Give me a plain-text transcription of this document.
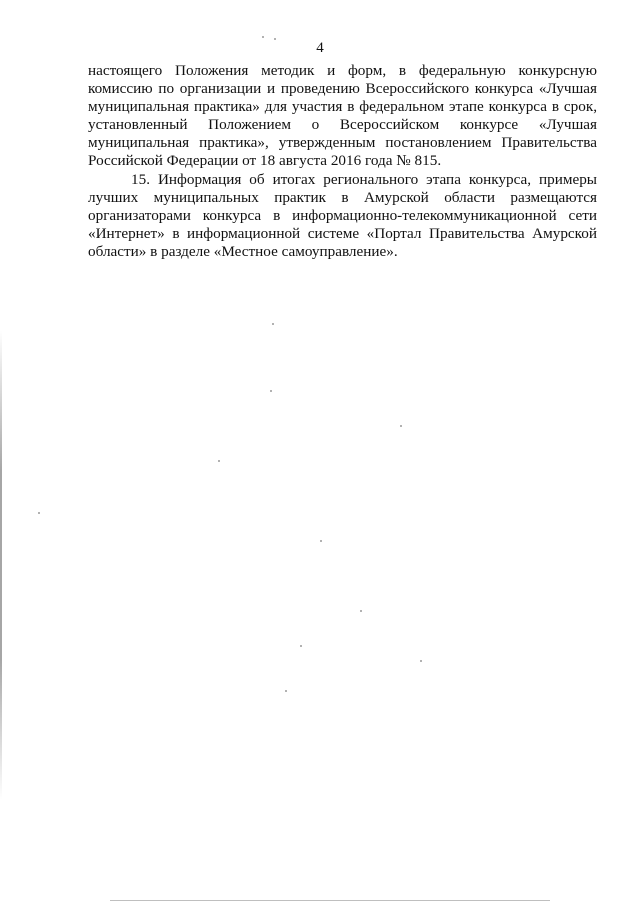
4

настоящего Положения методик и форм, в федеральную конкурсную комиссию по организации и проведению Всероссийского конкурса «Лучшая муниципальная практика» для участия в федеральном этапе конкурса в срок, установленный Положением о Всероссийском конкурсе «Лучшая муниципальная практика», утвержденным постановлением Правительства Российской Федерации от 18 августа 2016 года № 815.

15. Информация об итогах регионального этапа конкурса, примеры лучших муниципальных практик в Амурской области размещаются организаторами конкурса в информационно-телекоммуникационной сети «Интернет» в информационной системе «Портал Правительства Амурской области» в разделе «Местное самоуправление».
